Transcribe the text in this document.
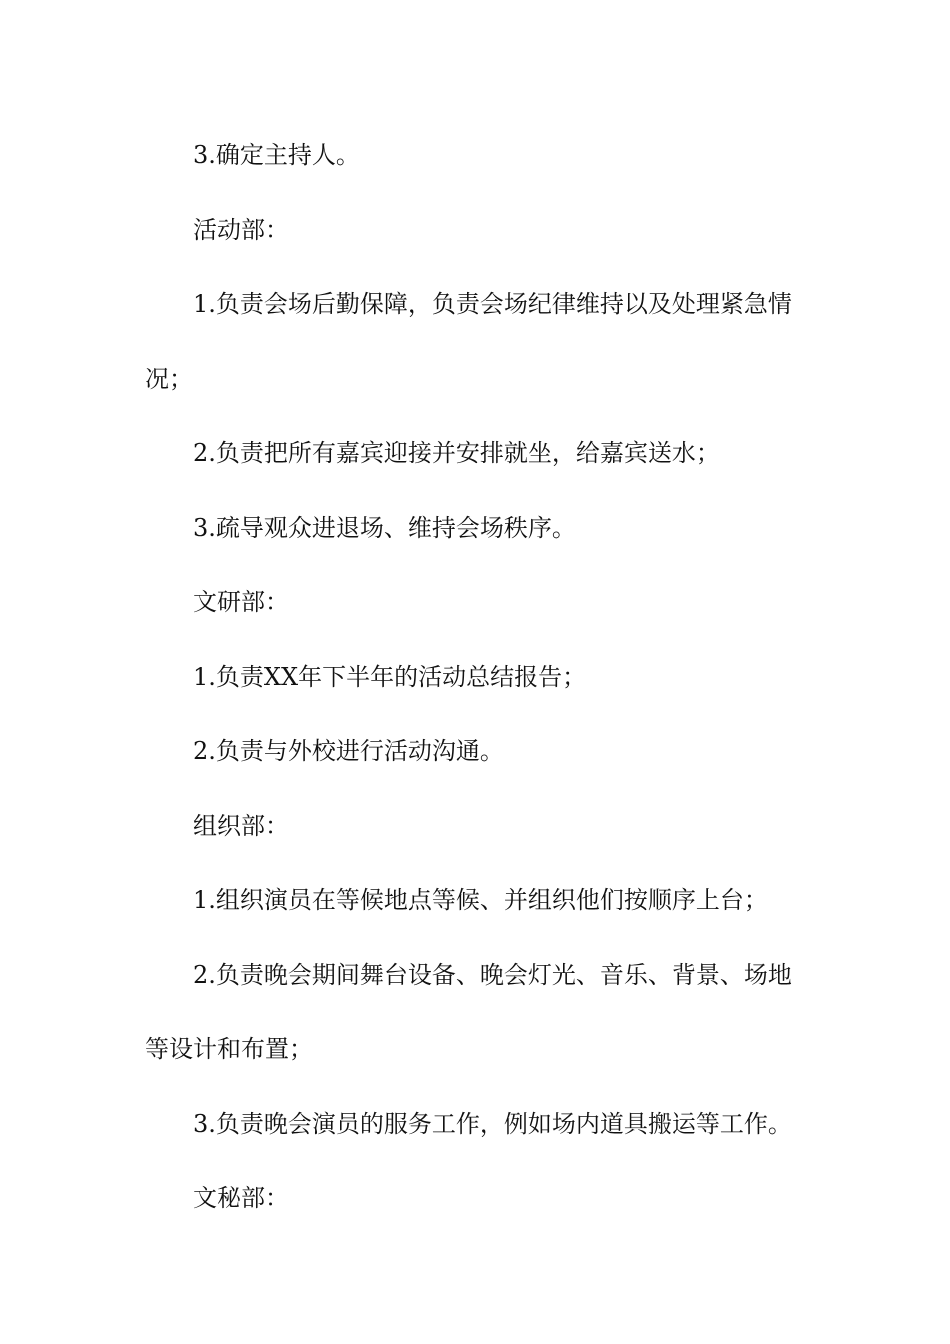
3.确定主持人。

活动部：

1.负责会场后勤保障，负责会场纪律维持以及处理紧急情况；

2.负责把所有嘉宾迎接并安排就坐，给嘉宾送水；

3.疏导观众进退场、维持会场秩序。

文研部：

1.负责XX年下半年的活动总结报告；

2.负责与外校进行活动沟通。

组织部：

1.组织演员在等候地点等候、并组织他们按顺序上台；

2.负责晚会期间舞台设备、晚会灯光、音乐、背景、场地等设计和布置；

3.负责晚会演员的服务工作，例如场内道具搬运等工作。

文秘部：
